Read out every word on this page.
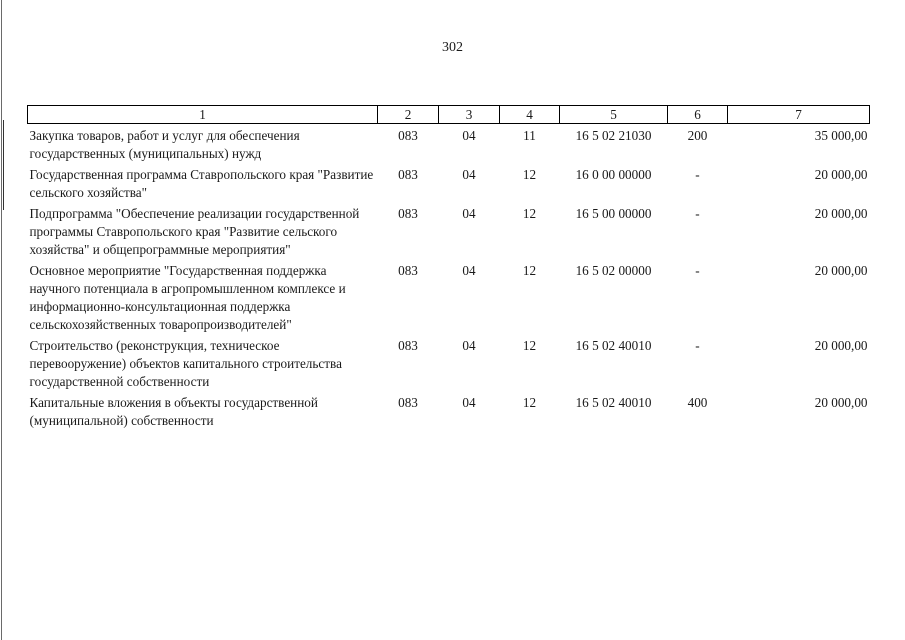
302
1	2	3	4	5	6	7
Закупка товаров, работ и услуг для обеспечения государственных (муниципальных) нужд	083	04	11	16 5 02 21030	200	35 000,00
Государственная программа Ставропольского края "Развитие сельского хозяйства"	083	04	12	16 0 00 00000	-	20 000,00
Подпрограмма "Обеспечение реализации государственной программы Ставропольского края "Развитие сельского хозяйства" и общепрограммные мероприятия"	083	04	12	16 5 00 00000	-	20 000,00
Основное мероприятие "Государственная поддержка научного потенциала в агропромышленном комплексе и информационно-консультационная поддержка сельскохозяйственных товаропроизводителей"	083	04	12	16 5 02 00000	-	20 000,00
Строительство (реконструкция, техническое перевооружение) объектов капитального строительства государственной собственности	083	04	12	16 5 02 40010	-	20 000,00
Капитальные вложения в объекты государственной (муниципальной) собственности	083	04	12	16 5 02 40010	400	20 000,00
